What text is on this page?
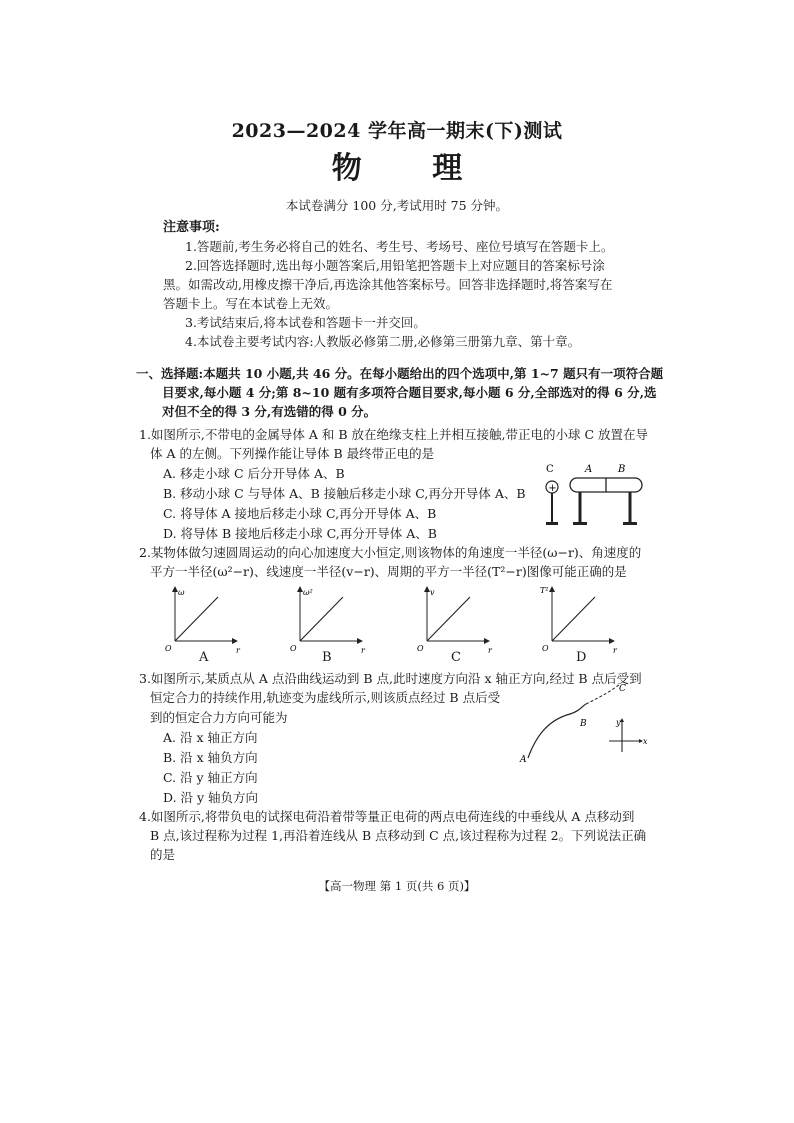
2023—2024 学年高一期末(下)测试
物 理
本试卷满分 100 分,考试用时 75 分钟。
注意事项:
1.答题前,考生务必将自己的姓名、考生号、考场号、座位号填写在答题卡上。
2.回答选择题时,选出每小题答案后,用铅笔把答题卡上对应题目的答案标号涂
黑。如需改动,用橡皮擦干净后,再选涂其他答案标号。回答非选择题时,将答案写在
答题卡上。写在本试卷上无效。
3.考试结束后,将本试卷和答题卡一并交回。
4.本试卷主要考试内容:人教版必修第二册,必修第三册第九章、第十章。
一、选择题:本题共 10 小题,共 46 分。在每小题给出的四个选项中,第 1~7 题只有一项符合题
目要求,每小题 4 分;第 8~10 题有多项符合题目要求,每小题 6 分,全部选对的得 6 分,选
对但不全的得 3 分,有选错的得 0 分。
1.如图所示,不带电的金属导体 A 和 B 放在绝缘支柱上并相互接触,带正电的小球 C 放置在导
体 A 的左侧。下列操作能让导体 B 最终带正电的是
A. 移走小球 C 后分开导体 A、B
B. 移动小球 C 与导体 A、B 接触后移走小球 C,再分开导体 A、B
C. 将导体 A 接地后移走小球 C,再分开导体 A、B
D. 将导体 B 接地后移走小球 C,再分开导体 A、B
C	A	B
+
2.某物体做匀速圆周运动的向心加速度大小恒定,则该物体的角速度一半径(ω−r)、角速度的
平方一半径(ω²−r)、线速度一半径(v−r)、周期的平方一半径(T²−r)图像可能正确的是
ω
r
O
ω²
r
O
v
r
O
T²
r
O
A	B	C	D
3.如图所示,某质点从 A 点沿曲线运动到 B 点,此时速度方向沿 x 轴正方向,经过 B 点后受到
恒定合力的持续作用,轨迹变为虚线所示,则该质点经过 B 点后受
到的恒定合力方向可能为
A. 沿 x 轴正方向
B. 沿 x 轴负方向
C. 沿 y 轴正方向
D. 沿 y 轴负方向
A
B
C
y
x
4.如图所示,将带负电的试探电荷沿着带等量正电荷的两点电荷连线的中垂线从 A 点移动到
B 点,该过程称为过程 1,再沿着连线从 B 点移动到 C 点,该过程称为过程 2。下列说法正确
的是
【高一物理 第 1 页(共 6 页)】
